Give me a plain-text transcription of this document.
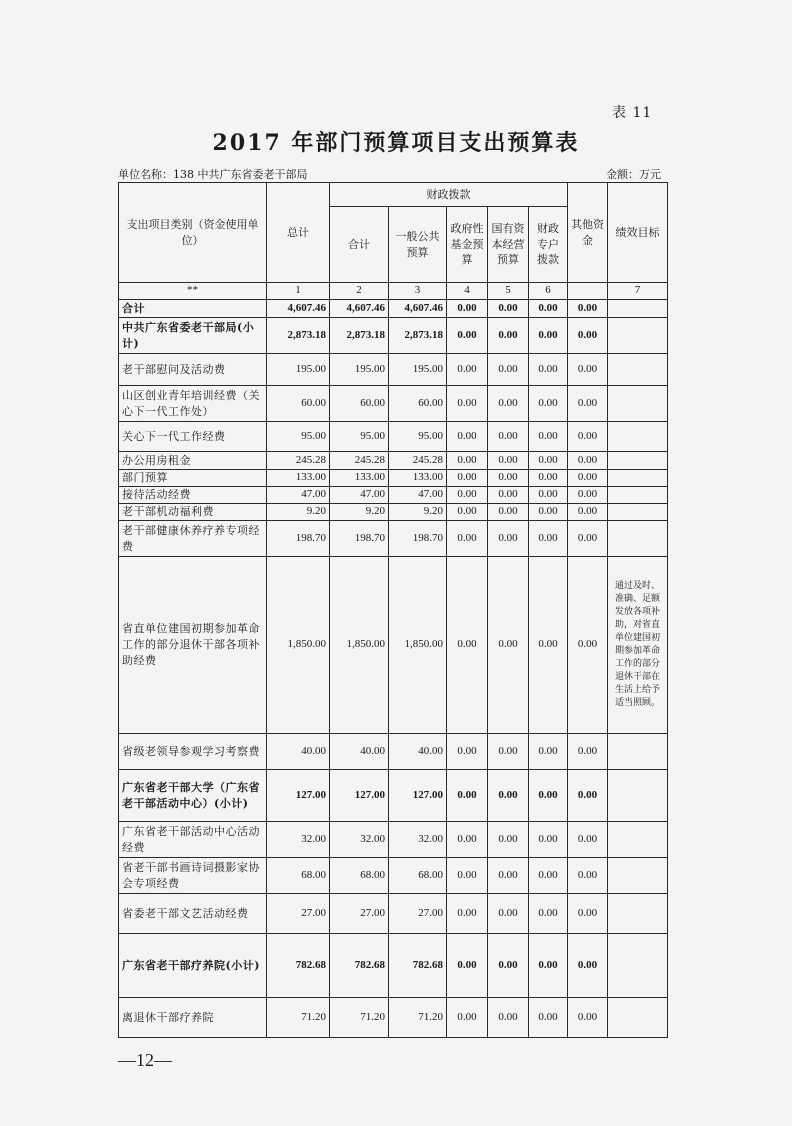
表 11
2017 年部门预算项目支出预算表
单位名称：138 中共广东省委老干部局	金额：万元
支出项目类别（资金使用单位）	总计	财政拨款					其他资金	绩效目标
		合计	一般公共预算	政府性基金预算	国有资本经营预算	财政专户拨款		
**	1	2	3	4	5	6		7
合计	4,607.46	4,607.46	4,607.46	0.00	0.00	0.00	0.00	
中共广东省委老干部局(小计)	2,873.18	2,873.18	2,873.18	0.00	0.00	0.00	0.00	
老干部慰问及活动费	195.00	195.00	195.00	0.00	0.00	0.00	0.00	
山区创业青年培训经费（关心下一代工作处）	60.00	60.00	60.00	0.00	0.00	0.00	0.00	
关心下一代工作经费	95.00	95.00	95.00	0.00	0.00	0.00	0.00	
办公用房租金	245.28	245.28	245.28	0.00	0.00	0.00	0.00	
部门预算	133.00	133.00	133.00	0.00	0.00	0.00	0.00	
接待活动经费	47.00	47.00	47.00	0.00	0.00	0.00	0.00	
老干部机动福利费	9.20	9.20	9.20	0.00	0.00	0.00	0.00	
老干部健康休养疗养专项经费	198.70	198.70	198.70	0.00	0.00	0.00	0.00	
省直单位建国初期参加革命工作的部分退休干部各项补助经费	1,850.00	1,850.00	1,850.00	0.00	0.00	0.00	0.00	通过及时、准确、足额发放各项补助，对省直单位建国初期参加革命工作的部分退休干部在生活上给予适当照顾。
省级老领导参观学习考察费	40.00	40.00	40.00	0.00	0.00	0.00	0.00	
广东省老干部大学（广东省老干部活动中心）(小计)	127.00	127.00	127.00	0.00	0.00	0.00	0.00	
广东省老干部活动中心活动经费	32.00	32.00	32.00	0.00	0.00	0.00	0.00	
省老干部书画诗词摄影家协会专项经费	68.00	68.00	68.00	0.00	0.00	0.00	0.00	
省委老干部文艺活动经费	27.00	27.00	27.00	0.00	0.00	0.00	0.00	
广东省老干部疗养院(小计)	782.68	782.68	782.68	0.00	0.00	0.00	0.00	
离退休干部疗养院	71.20	71.20	71.20	0.00	0.00	0.00	0.00	
—12—
